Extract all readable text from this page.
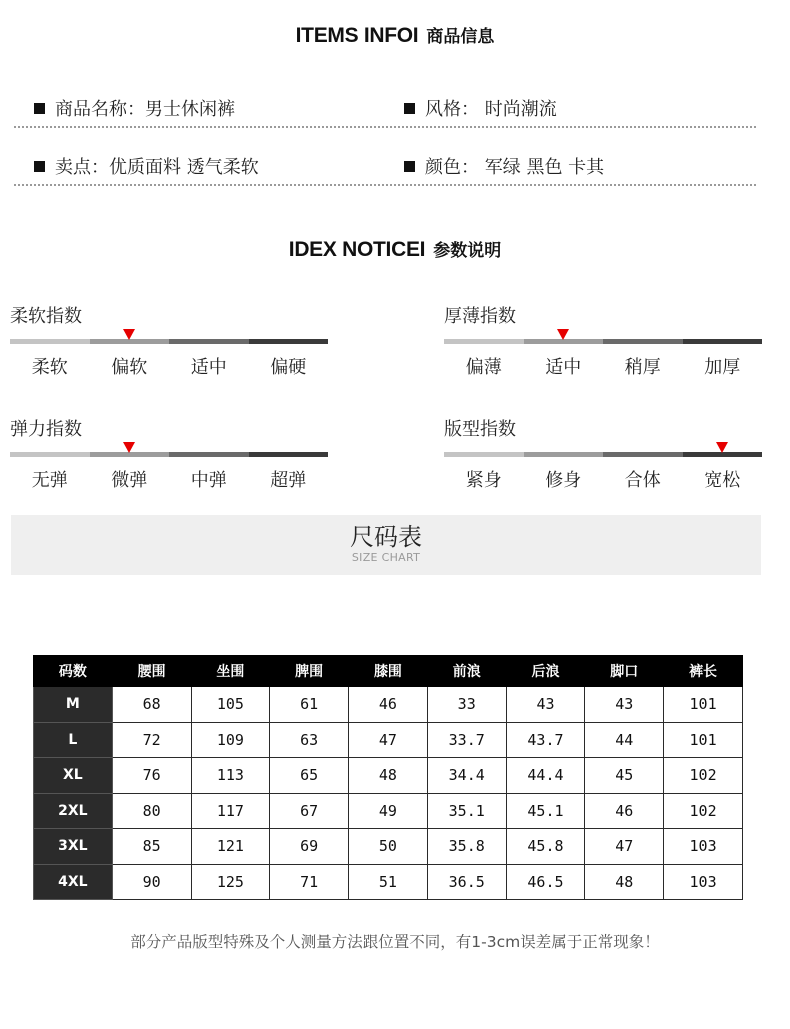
ITEMS INFOI 商品信息
商品名称：男士休闲裤	风格： 时尚潮流
卖点：优质面料 透气柔软	颜色： 军绿 黑色 卡其
IDEX NOTICEI 参数说明
柔软指数
柔软	偏软	适中	偏硬
厚薄指数
偏薄	适中	稍厚	加厚
弹力指数
无弹	微弹	中弹	超弹
版型指数
紧身	修身	合体	宽松
尺码表
SIZE CHART
码数	腰围	坐围	脾围	膝围	前浪	后浪	脚口	裤长
M	68	105	61	46	33	43	43	101
L	72	109	63	47	33.7	43.7	44	101
XL	76	113	65	48	34.4	44.4	45	102
2XL	80	117	67	49	35.1	45.1	46	102
3XL	85	121	69	50	35.8	45.8	47	103
4XL	90	125	71	51	36.5	46.5	48	103
部分产品版型特殊及个人测量方法跟位置不同，有1-3cm误差属于正常现象！
